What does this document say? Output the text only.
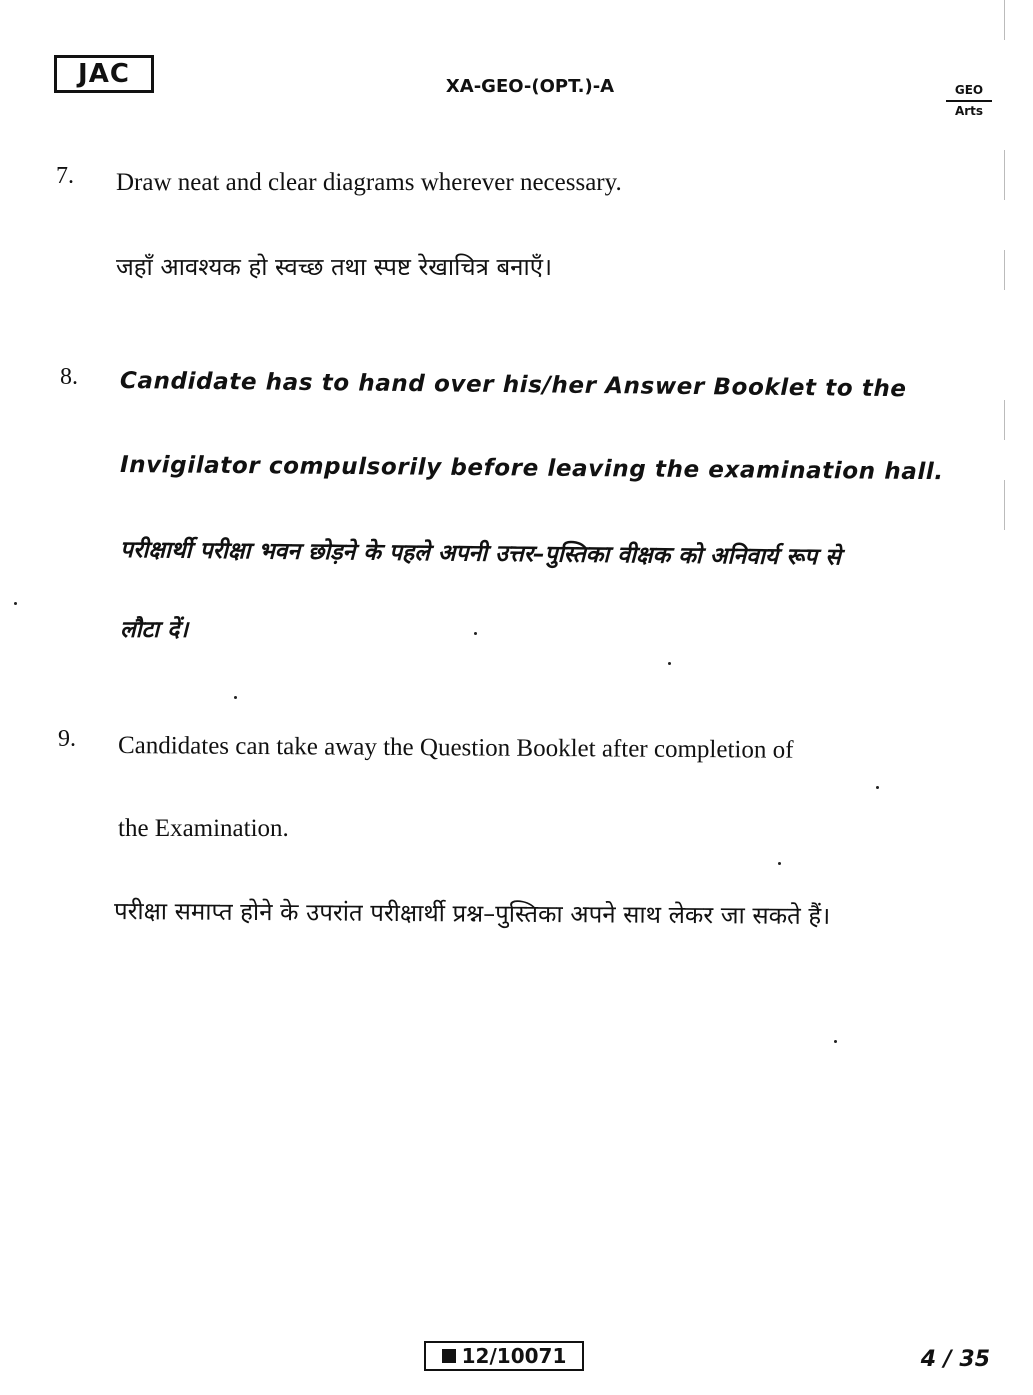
JAC	XA-GEO-(OPT.)-A	GEO
Arts
7. Draw neat and clear diagrams wherever necessary.
जहाँ आवश्यक हो स्वच्छ तथा स्पष्ट रेखाचित्र बनाएँ।
8. Candidate has to hand over his/her Answer Booklet to the
Invigilator compulsorily before leaving the examination hall.
परीक्षार्थी परीक्षा भवन छोड़ने के पहले अपनी उत्तर–पुस्तिका वीक्षक को अनिवार्य रूप से
लौटा दें।
9. Candidates can take away the Question Booklet after completion of
the Examination.
परीक्षा समाप्त होने के उपरांत परीक्षार्थी प्रश्न–पुस्तिका अपने साथ लेकर जा सकते हैं।
12/10071	4 / 35
